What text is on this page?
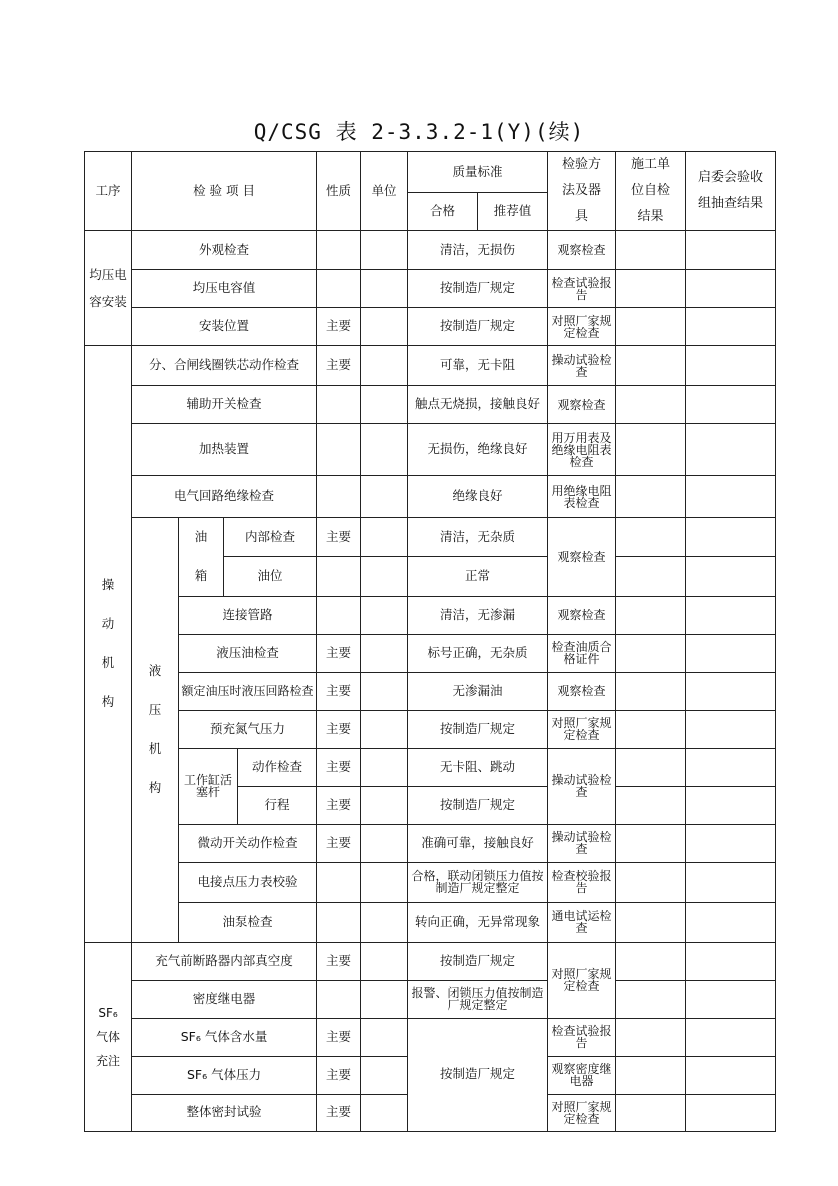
Q/CSG 表 2-3.3.2-1(Y)(续)
工序	检 验 项 目				性质	单位	质量标准		检验方法及器具	施工单位自检结果	启委会验收组抽查结果
							合格	推荐值			
均压电容安装	外观检查						清洁，无损伤		观察检查		
	均压电容值						按制造厂规定		检查试验报告		
	安装位置				主要		按制造厂规定		对照厂家规定检查		
操动机构	分、合闸线圈铁芯动作检查				主要		可靠，无卡阻		操动试验检查		
	辅助开关检查						触点无烧损，接触良好		观察检查		
	加热装置						无损伤，绝缘良好		用万用表及绝缘电阻表检查		
	电气回路绝缘检查						绝缘良好		用绝缘电阻表检查		
	液压机构	油箱	内部检查		主要		清洁，无杂质		观察检查		
			油位				正常				
		连接管路					清洁，无渗漏		观察检查		
		液压油检查			主要		标号正确，无杂质		检查油质合格证件		
		额定油压时液压回路检查			主要		无渗漏油		观察检查		
		预充氮气压力			主要		按制造厂规定		对照厂家规定检查		
		工作缸活塞杆		动作检查	主要		无卡阻、跳动		操动试验检查		
				行程	主要		按制造厂规定				
		微动开关动作检查			主要		准确可靠，接触良好		操动试验检查		
		电接点压力表校验					合格，联动闭锁压力值按制造厂规定整定		检查校验报告		
		油泵检查					转向正确，无异常现象		通电试运检查		
SF₆气体充注	充气前断路器内部真空度				主要		按制造厂规定		对照厂家规定检查		
	密度继电器						报警、闭锁压力值按制造厂规定整定				
	SF₆ 气体含水量				主要		按制造厂规定		检查试验报告		
	SF₆ 气体压力				主要				观察密度继电器		
	整体密封试验				主要				对照厂家规定检查		
